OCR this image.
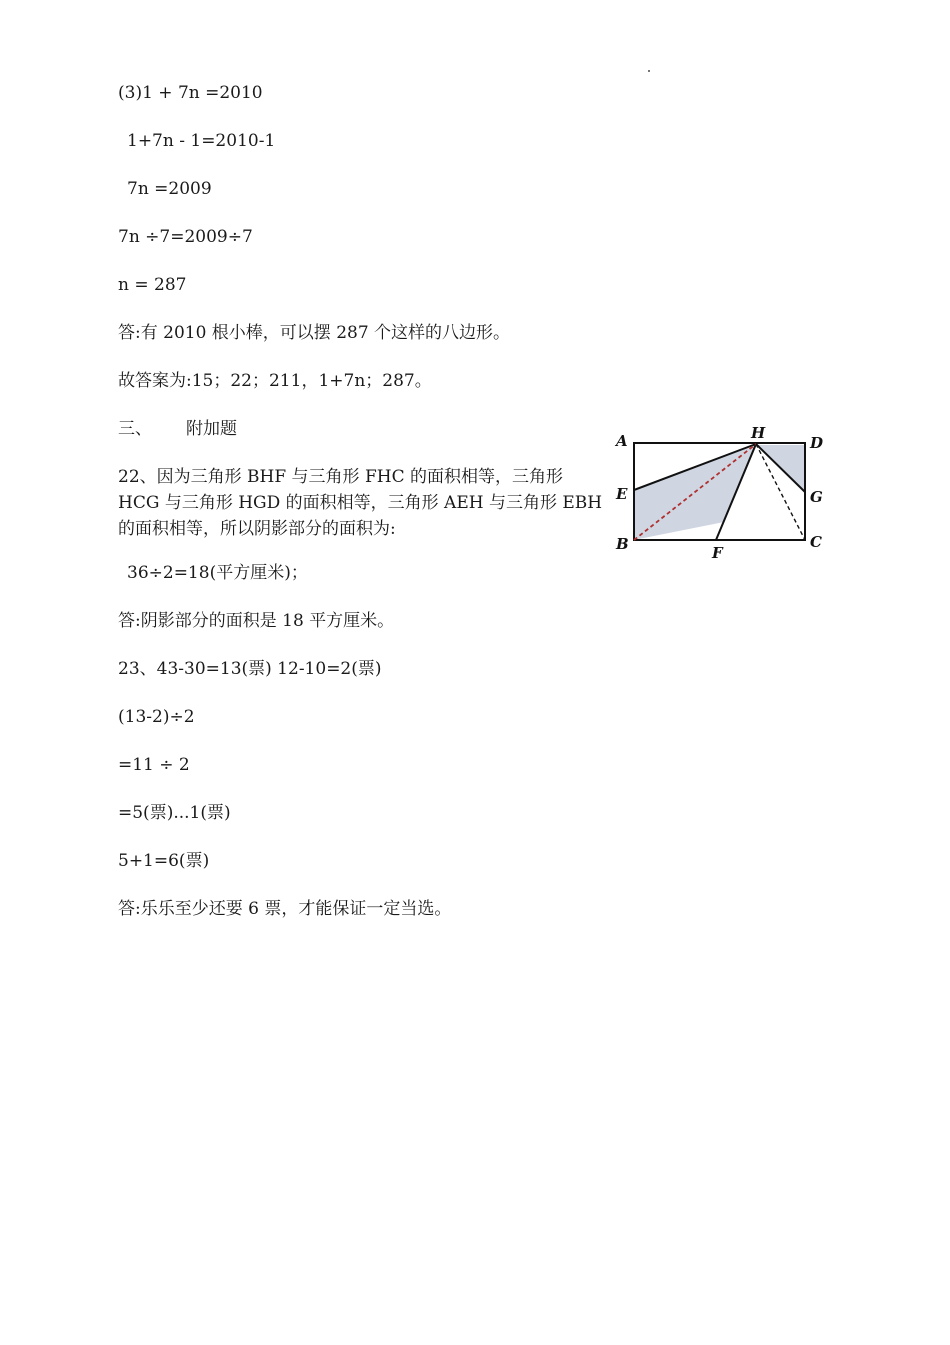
(3)1 + 7n =2010
1+7n - 1=2010-1
7n =2009
7n ÷7=2009÷7
n = 287
答:有 2010 根小棒，可以摆 287 个这样的八边形。
故答案为:15；22；211，1+7n；287。
三、 附加题
22、因为三角形 BHF 与三角形 FHC 的面积相等，三角形 HCG 与三角形 HGD 的面积相等，三角形 AEH 与三角形 EBH 的面积相等，所以阴影部分的面积为:
36÷2=18(平方厘米)；
答:阴影部分的面积是 18 平方厘米。
A	H
D
E	G
B	F
C
23、43-30=13(票) 12-10=2(票)
(13-2)÷2
=11 ÷ 2
=5(票)...1(票)
5+1=6(票)
答:乐乐至少还要 6 票，才能保证一定当选。
